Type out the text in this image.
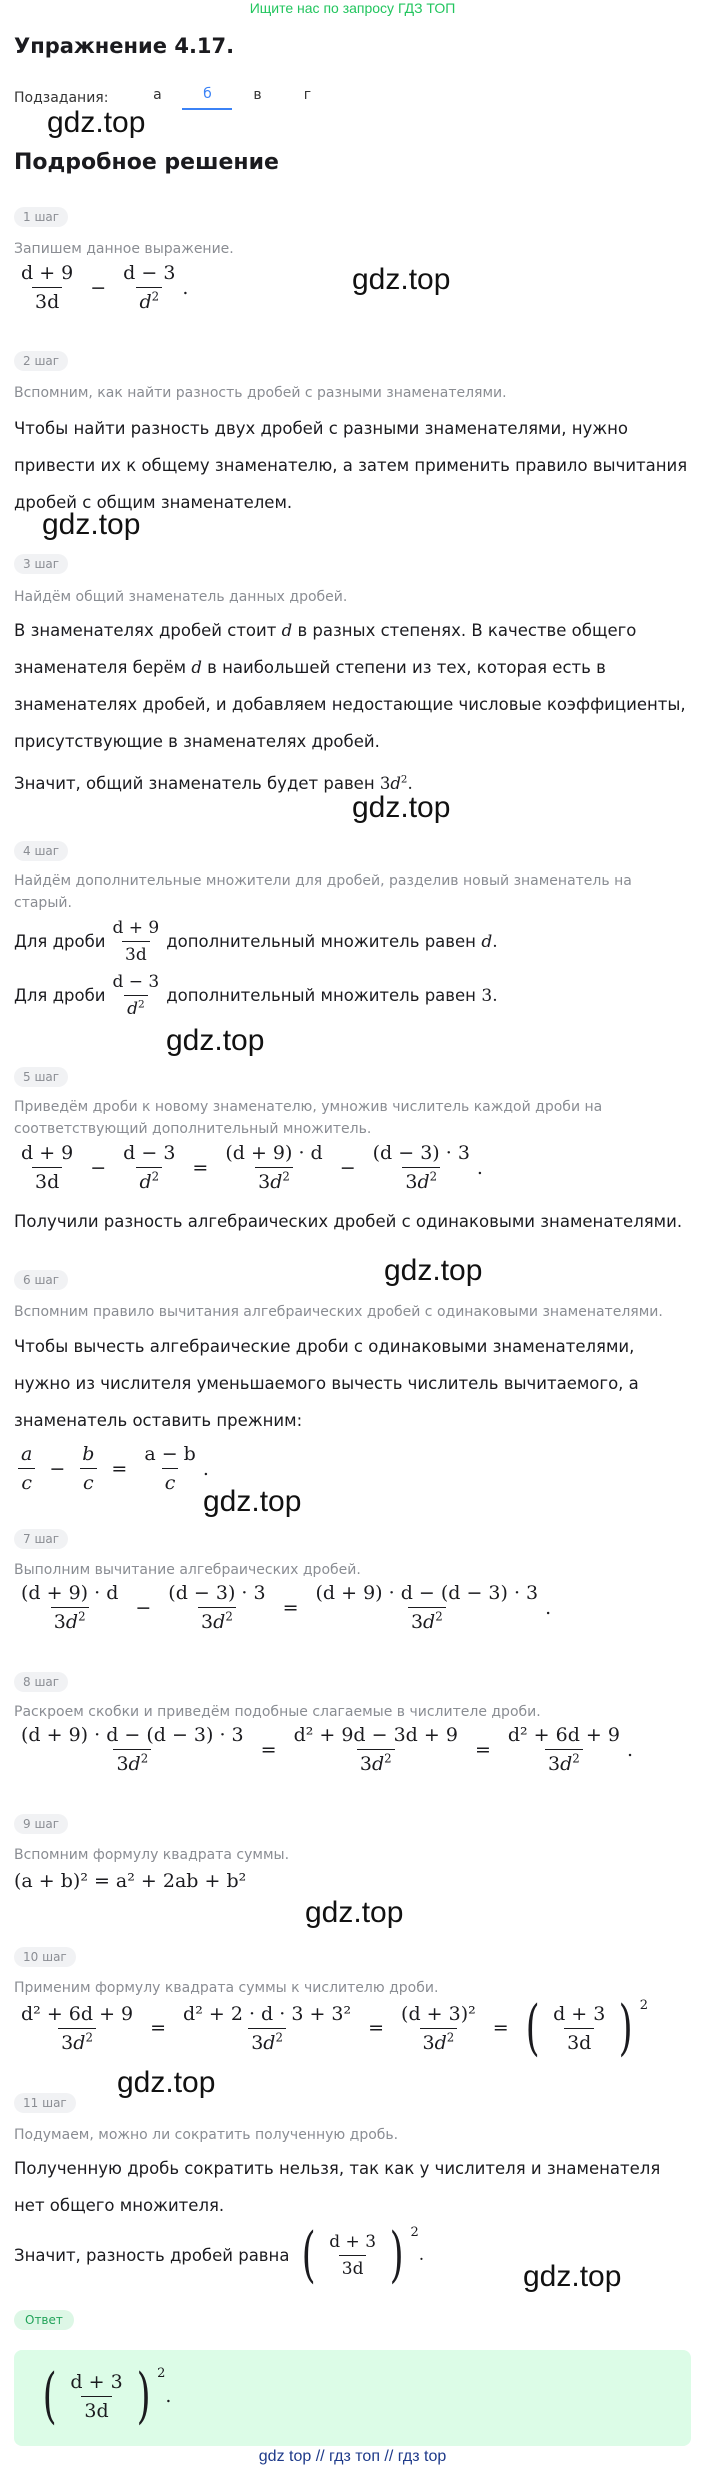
Ищите нас по запросу ГДЗ ТОП
Упражнение 4.17.
Подзадания:	а	б	в	г
gdz.top
gdz.top
gdz.top
gdz.top
gdz.top
gdz.top
gdz.top
gdz.top
gdz.top
gdz.top
Подробное решение
1 шаг
Запишем данное выражение.
$\frac{d + 9}{3d} - \frac{d - 3}{d^2}$ .
2 шаг
Вспомним, как найти разность дробей с разными знаменателями.
Чтобы найти разность двух дробей с разными знаменателями, нужно привести их к общему знаменателю, а затем применить правило вычитания дробей с общим знаменателем.
3 шаг
Найдём общий знаменатель данных дробей.
В знаменателях дробей стоит d в разных степенях. В качестве общего знаменателя берём d в наибольшей степени из тех, которая есть в знаменателях дробей, и добавляем недостающие числовые коэффициенты, присутствующие в знаменателях дробей.
Значит, общий знаменатель будет равен $3d^2$.
4 шаг
Найдём дополнительные множители для дробей, разделив новый знаменатель на старый.
Для дроби $\frac{d + 9}{3d}$ дополнительный множитель равен
d .
Для дроби $\frac{d - 3}{d^2}$ дополнительный множитель равен
3 .
5 шаг
Приведём дроби к новому знаменателю, умножив числитель каждой дроби на соответствующий дополнительный множитель.
$\frac{d + 9}{3d} - \frac{d - 3}{d^2} = \frac{(d + 9) \cdot d}{3d^2} - \frac{(d - 3) \cdot 3}{3d^2}$ .
Получили разность алгебраических дробей с одинаковыми знаменателями.
6 шаг
Вспомним правило вычитания алгебраических дробей с одинаковыми знаменателями.
Чтобы вычесть алгебраические дроби с одинаковыми знаменателями, нужно из числителя уменьшаемого вычесть числитель вычитаемого, а знаменатель оставить прежним:
$\frac{a}{c} - \frac{b}{c} = \frac{a - b}{c}$ .
7 шаг
Выполним вычитание алгебраических дробей.
$\frac{(d + 9) \cdot d}{3d^2} - \frac{(d - 3) \cdot 3}{3d^2} = \frac{(d + 9) \cdot d - (d - 3) \cdot 3}{3d^2}$ .
8 шаг
Раскроем скобки и приведём подобные слагаемые в числителе дроби.
$\frac{(d + 9) \cdot d - (d - 3) \cdot 3}{3d^2} = \frac{\text{d² + 9d − 3d + 9}}{3d^2} = \frac{\text{d² + 6d + 9}}{3d^2}$ .
9 шаг
Вспомним формулу квадрата суммы.
(a + b)² = a² + 2ab + b²
10 шаг
Применим формулу квадрата суммы к числителю дроби.
$\frac{\text{d² + 6d + 9}}{3d^2} = \frac{\text{d² + 2 · d · 3 + 3²}}{3d^2} = \frac{\text{(d + 3)²}}{3d^2}$ = ( $\frac{d + 3}{3d}$ ) $^2$
11 шаг
Подумаем, можно ли сократить полученную дробь.
Полученную дробь сократить нельзя, так как у числителя и знаменателя нет общего множителя.
Значит, разность дробей равна
( $\frac{d + 3}{3d}$ ) $^2$
.
Ответ
( $\frac{d + 3}{3d}$ ) $^2$
.
gdz top // гдз топ // гдз top
